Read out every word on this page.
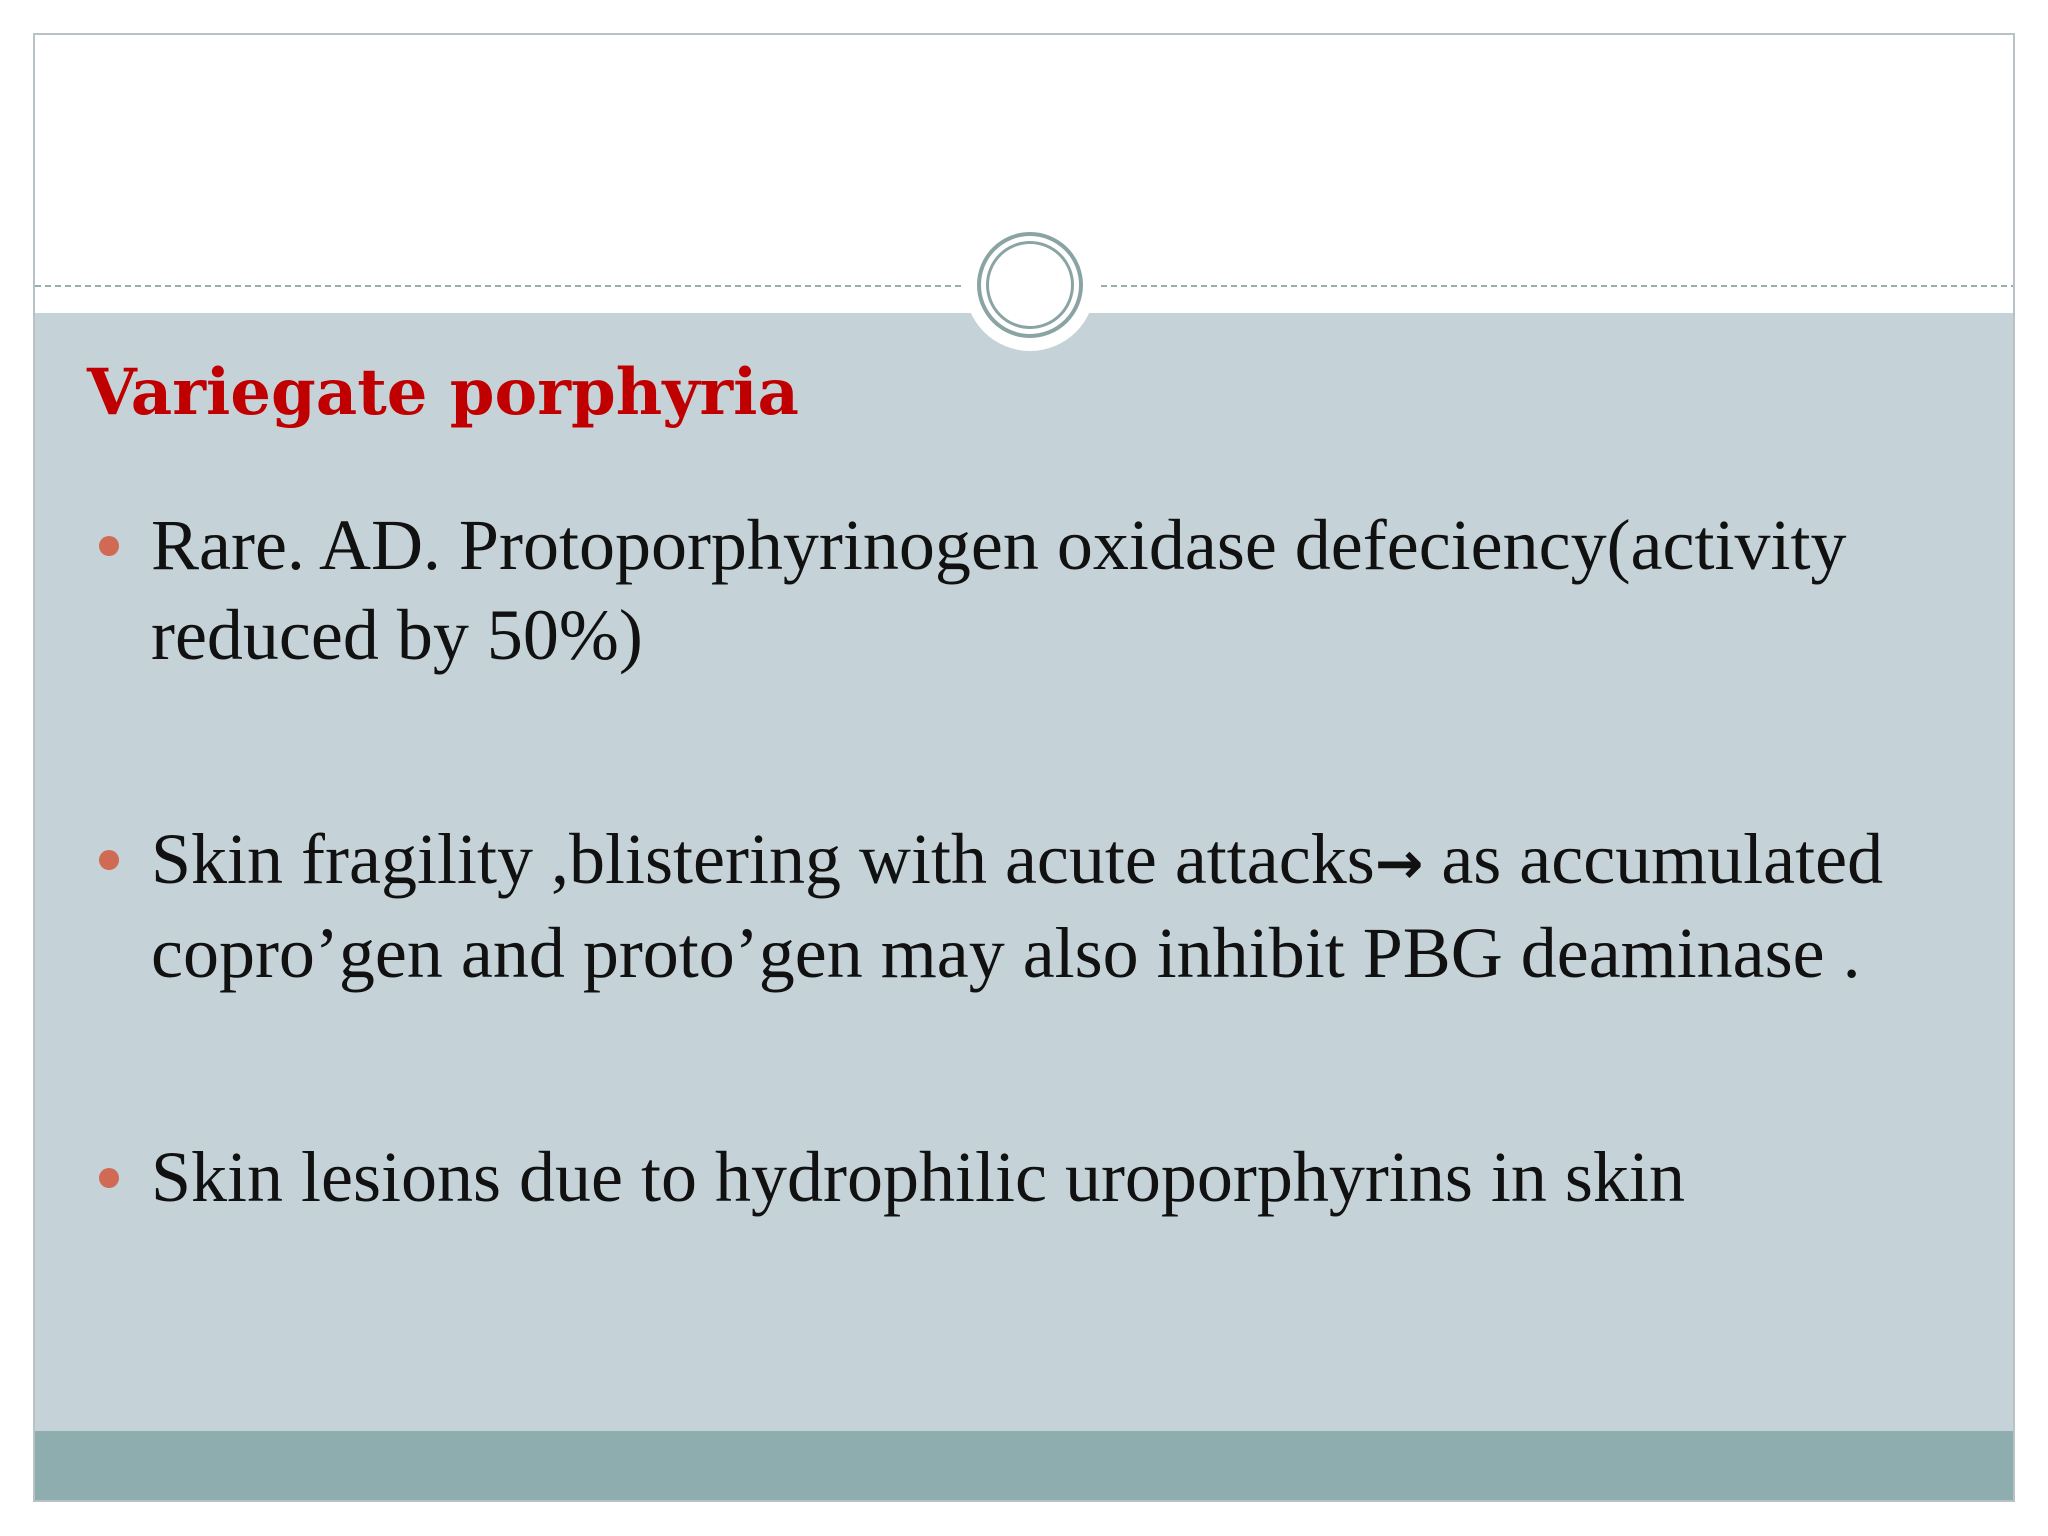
Variegate porphyria
Rare. AD. Protoporphyrinogen oxidase defeciency(activity reduced by 50%)
Skin fragility ,blistering with acute attacks→ as accumulated copro’gen and proto’gen may also inhibit PBG deaminase .
Skin lesions due to hydrophilic uroporphyrins in skin
